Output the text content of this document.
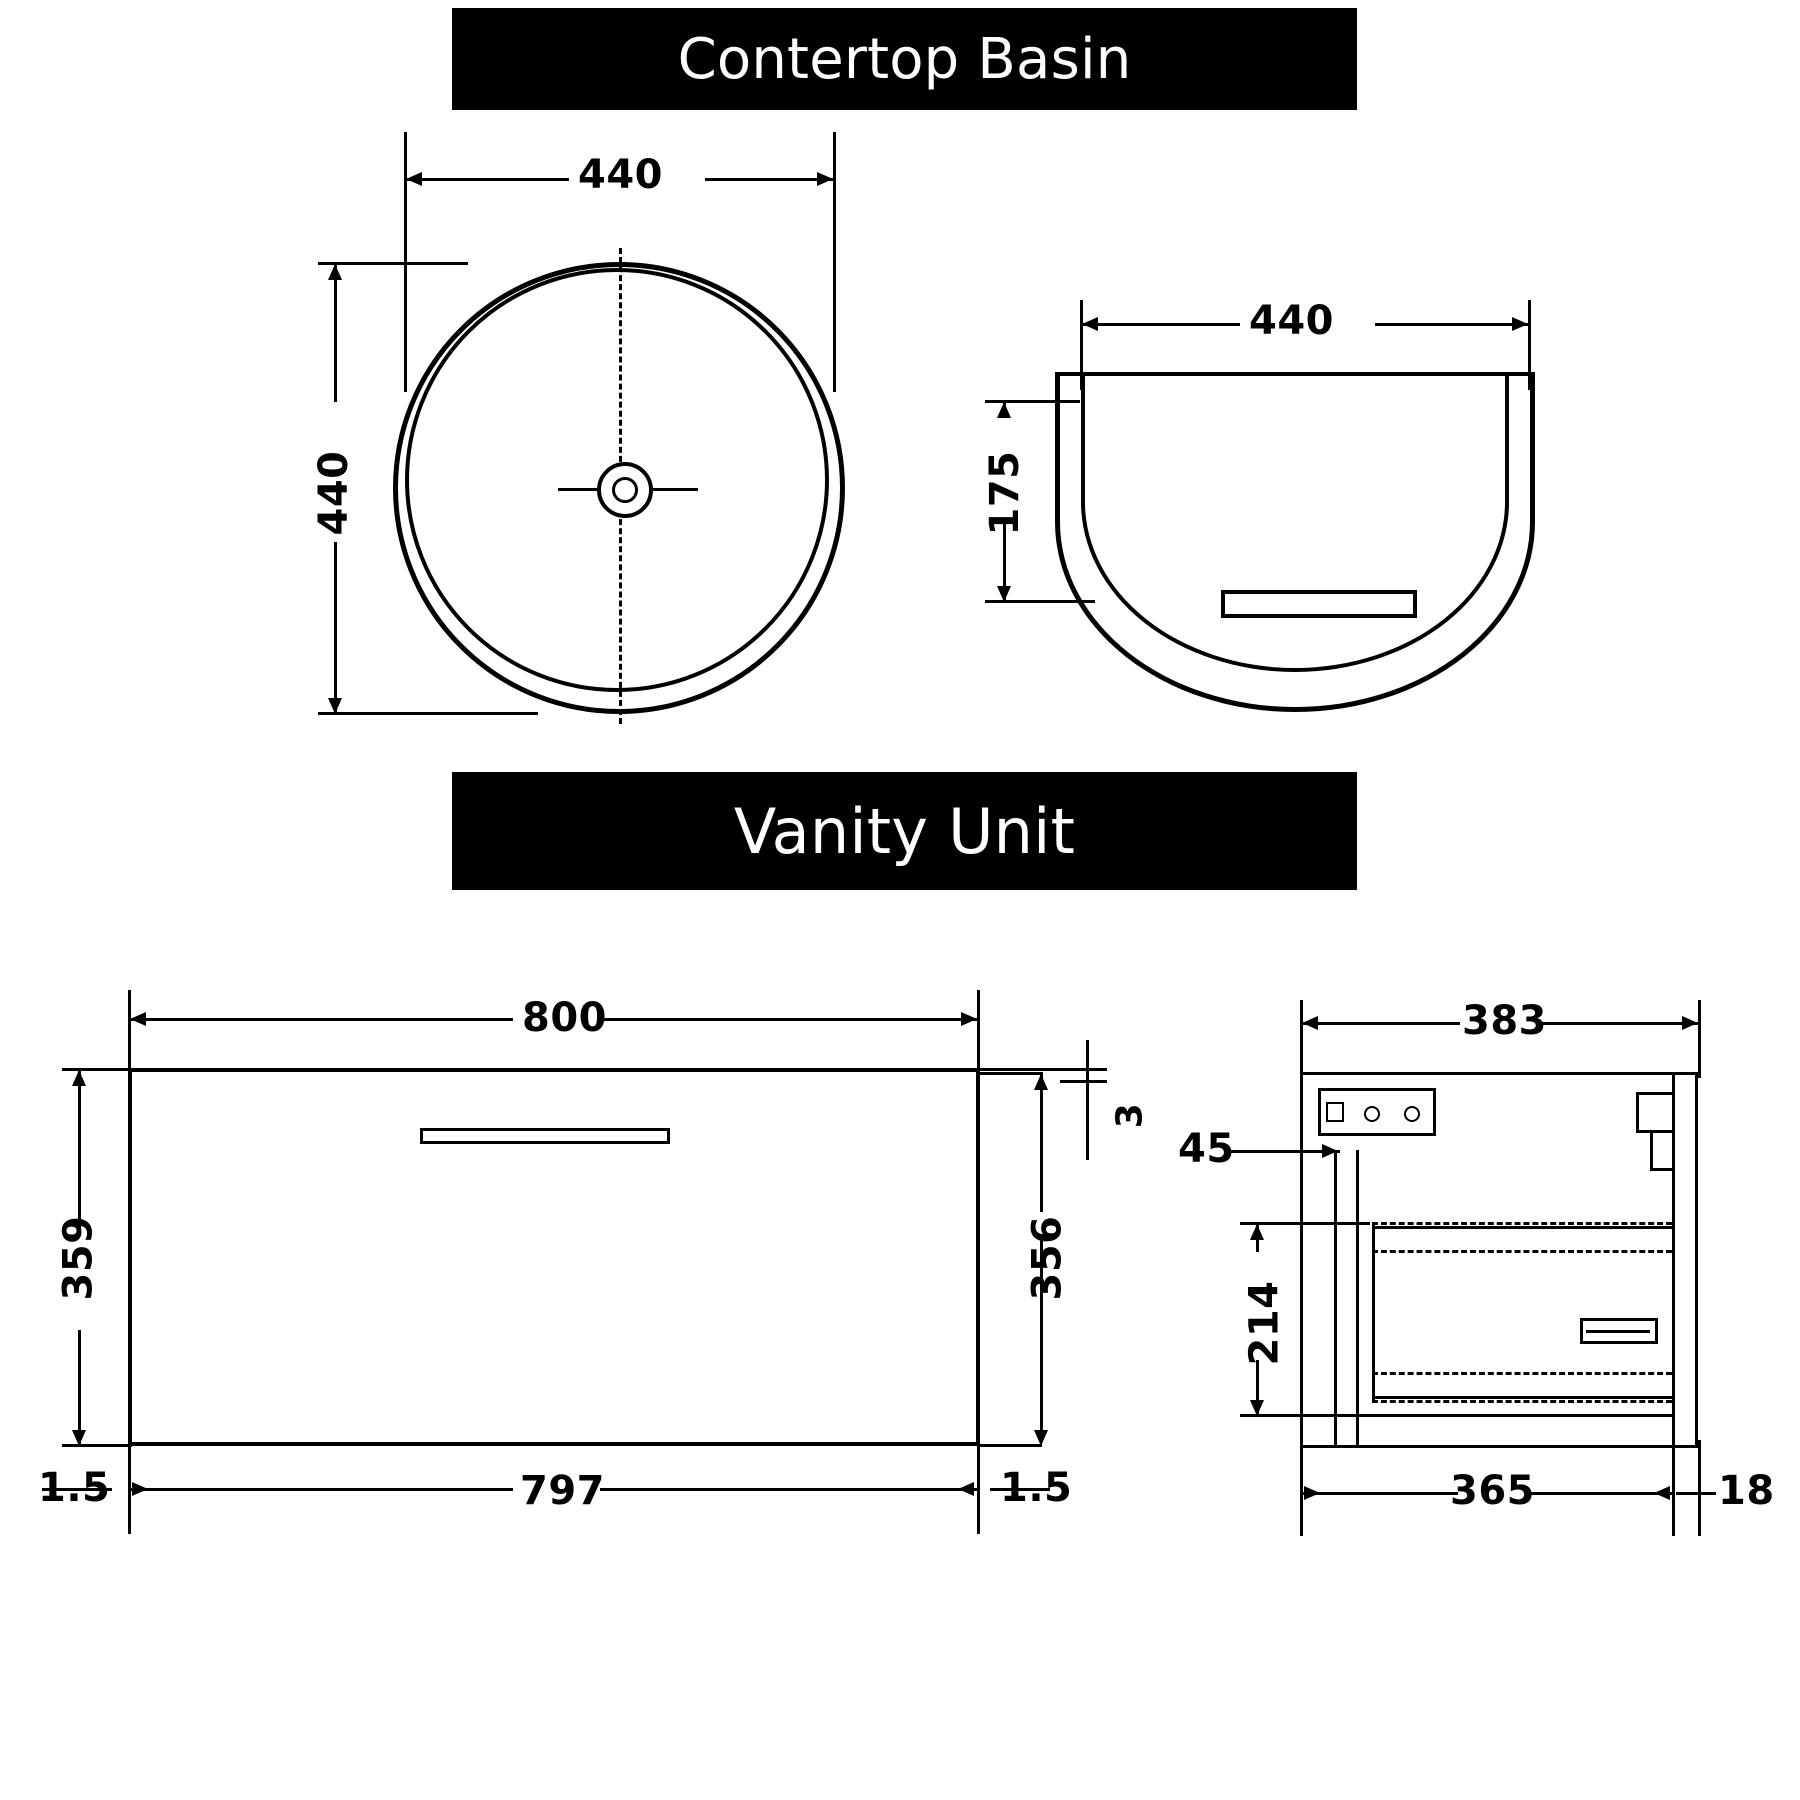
Contertop Basin
Vanity Unit
440
440
440
175
800
3
359	356
797
1.5	1.5
383
45
214
365	18
